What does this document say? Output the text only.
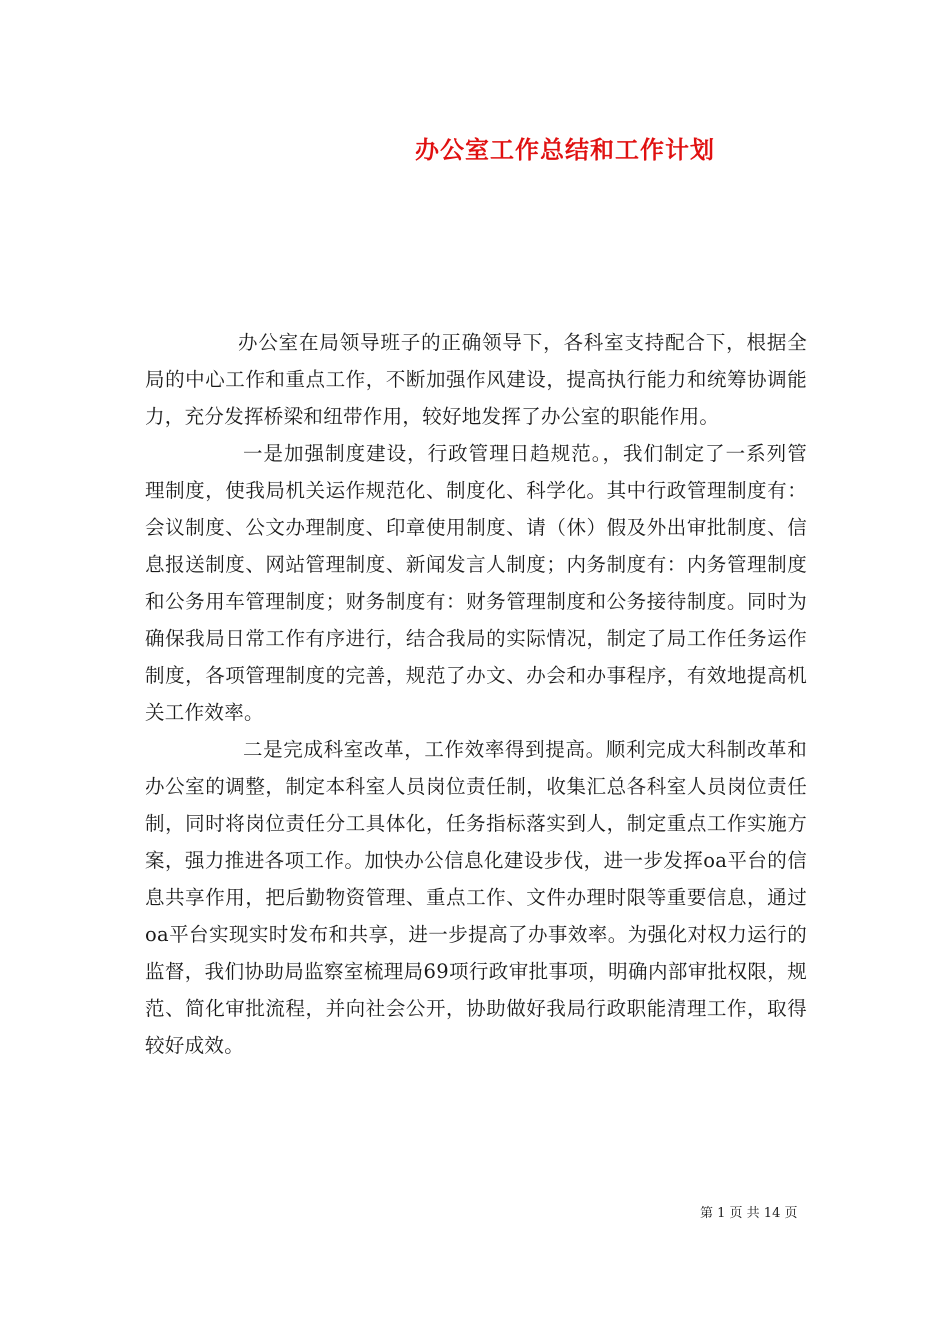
办公室工作总结和工作计划

办公室在局领导班子的正确领导下，各科室支持配合下，根据全局的中心工作和重点工作，不断加强作风建设，提高执行能力和统筹协调能力，充分发挥桥梁和纽带作用，较好地发挥了办公室的职能作用。

一是加强制度建设，行政管理日趋规范。，我们制定了一系列管理制度，使我局机关运作规范化、制度化、科学化。其中行政管理制度有：会议制度、公文办理制度、印章使用制度、请（休）假及外出审批制度、信息报送制度、网站管理制度、新闻发言人制度；内务制度有：内务管理制度和公务用车管理制度；财务制度有：财务管理制度和公务接待制度。同时为确保我局日常工作有序进行，结合我局的实际情况，制定了局工作任务运作制度，各项管理制度的完善，规范了办文、办会和办事程序，有效地提高机关工作效率。

二是完成科室改革，工作效率得到提高。顺利完成大科制改革和办公室的调整，制定本科室人员岗位责任制，收集汇总各科室人员岗位责任制，同时将岗位责任分工具体化，任务指标落实到人，制定重点工作实施方案，强力推进各项工作。加快办公信息化建设步伐，进一步发挥oa平台的信息共享作用，把后勤物资管理、重点工作、文件办理时限等重要信息，通过oa平台实现实时发布和共享，进一步提高了办事效率。为强化对权力运行的监督，我们协助局监察室梳理局69项行政审批事项，明确内部审批权限，规范、简化审批流程，并向社会公开，协助做好我局行政职能清理工作，取得较好成效。

第 1 页 共 14 页
